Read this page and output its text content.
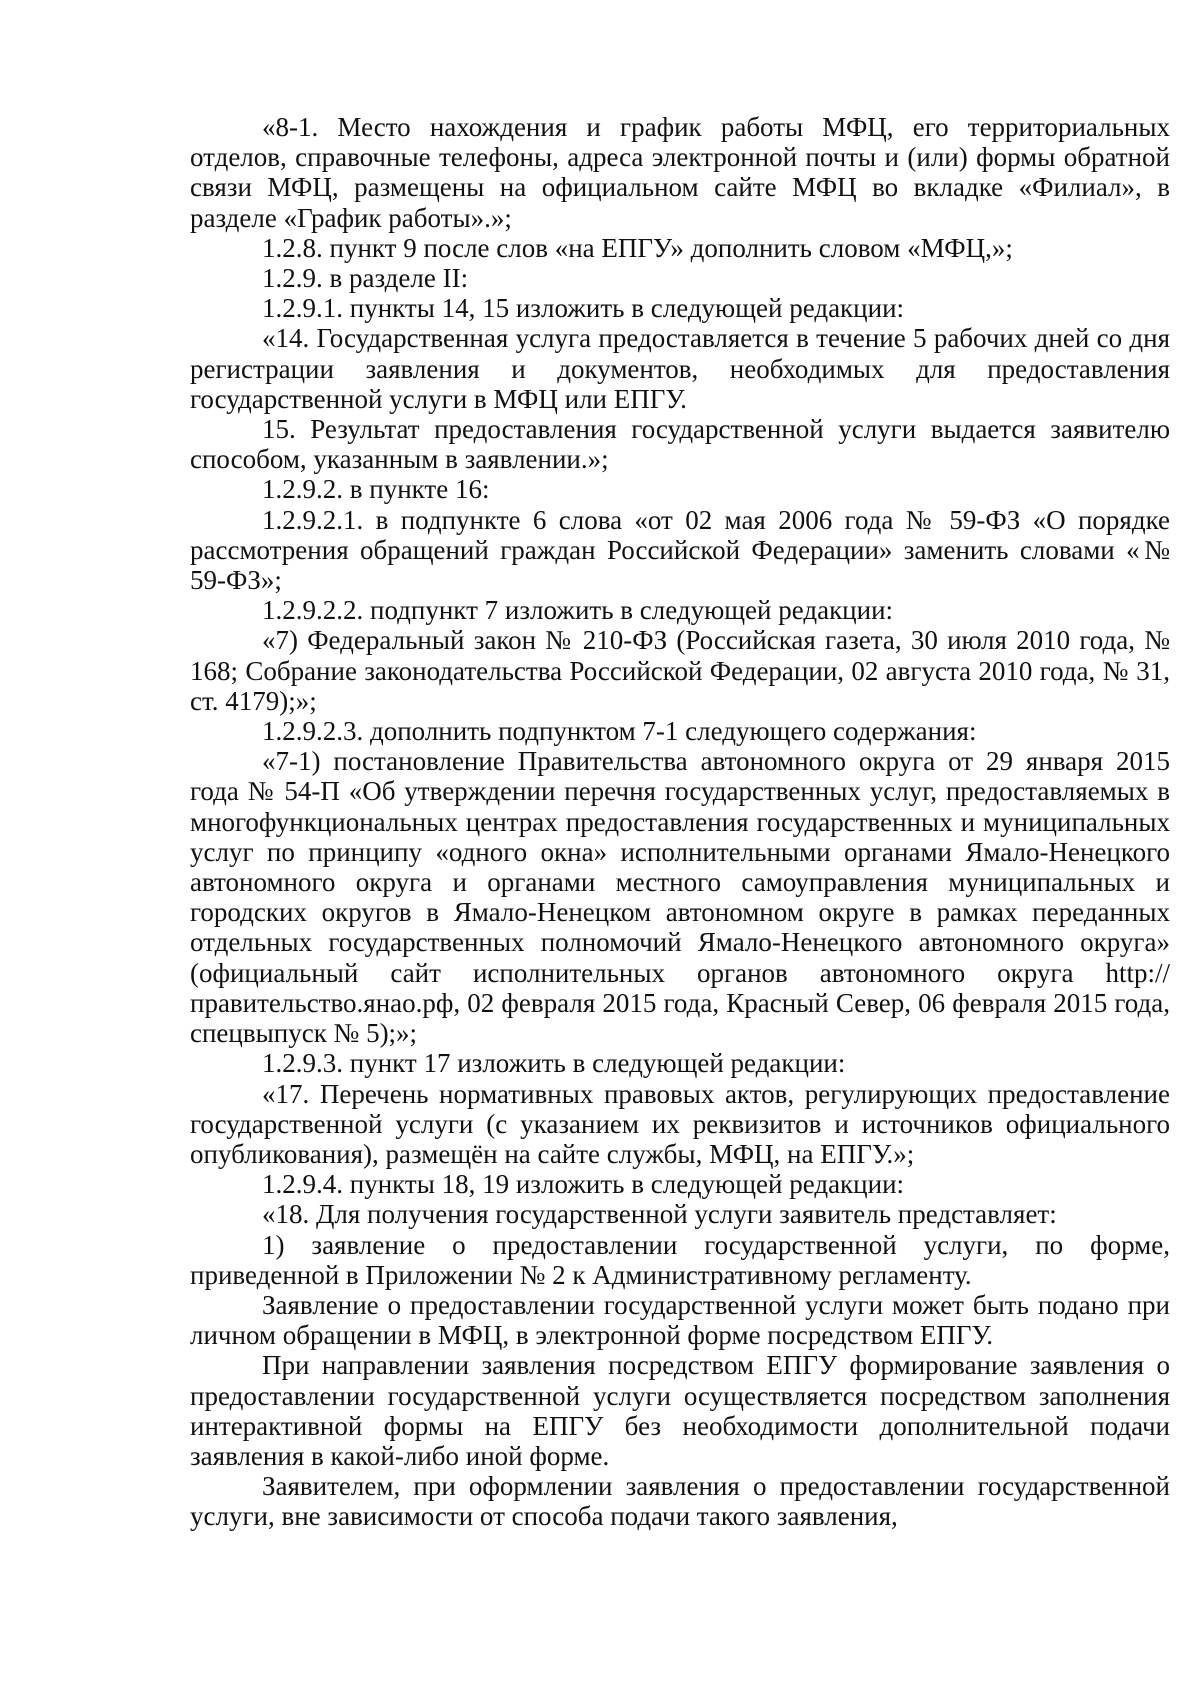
«8-1. Место нахождения и график работы МФЦ, его территориальных отделов, справочные телефоны, адреса электронной почты и (или) формы обратной связи МФЦ, размещены на официальном сайте МФЦ во вкладке «Филиал», в разделе «График работы».»;

1.2.8. пункт 9 после слов «на ЕПГУ» дополнить словом «МФЦ,»;

1.2.9. в разделе II:

1.2.9.1. пункты 14, 15 изложить в следующей редакции:

«14. Государственная услуга предоставляется в течение 5 рабочих дней со дня регистрации заявления и документов, необходимых для предоставления государственной услуги в МФЦ или ЕПГУ.

15. Результат предоставления государственной услуги выдается заявителю способом, указанным в заявлении.»;

1.2.9.2. в пункте 16:

1.2.9.2.1. в подпункте 6 слова «от 02 мая 2006 года № 59-ФЗ «О порядке рассмотрения обращений граждан Российской Федерации» заменить словами «№ 59-ФЗ»;

1.2.9.2.2. подпункт 7 изложить в следующей редакции:

«7) Федеральный закон № 210-ФЗ (Российская газета, 30 июля 2010 года, № 168; Собрание законодательства Российской Федерации, 02 августа 2010 года, № 31, ст. 4179);»;

1.2.9.2.3. дополнить подпунктом 7-1 следующего содержания:

«7-1) постановление Правительства автономного округа от 29 января 2015 года № 54-П «Об утверждении перечня государственных услуг, предоставляемых в многофункциональных центрах предоставления государственных и муниципальных услуг по принципу «одного окна» исполнительными органами Ямало-Ненецкого автономного округа и органами местного самоуправления муниципальных и городских округов в Ямало-Ненецком автономном округе в рамках переданных отдельных государственных полномочий Ямало-Ненецкого автономного округа» (официальный сайт исполнительных органов автономного округа http://правительство.янао.рф, 02 февраля 2015 года, Красный Север, 06 февраля 2015 года, спецвыпуск № 5);»;

1.2.9.3. пункт 17 изложить в следующей редакции:

«17. Перечень нормативных правовых актов, регулирующих предоставление государственной услуги (с указанием их реквизитов и источников официального опубликования), размещён на сайте службы, МФЦ, на ЕПГУ.»;

1.2.9.4. пункты 18, 19 изложить в следующей редакции:

«18. Для получения государственной услуги заявитель представляет:

1) заявление о предоставлении государственной услуги, по форме, приведенной в Приложении № 2 к Административному регламенту.

Заявление о предоставлении государственной услуги может быть подано при личном обращении в МФЦ, в электронной форме посредством ЕПГУ.

При направлении заявления посредством ЕПГУ формирование заявления о предоставлении государственной услуги осуществляется посредством заполнения интерактивной формы на ЕПГУ без необходимости дополнительной подачи заявления в какой-либо иной форме.

Заявителем, при оформлении заявления о предоставлении государственной услуги, вне зависимости от способа подачи такого заявления,
